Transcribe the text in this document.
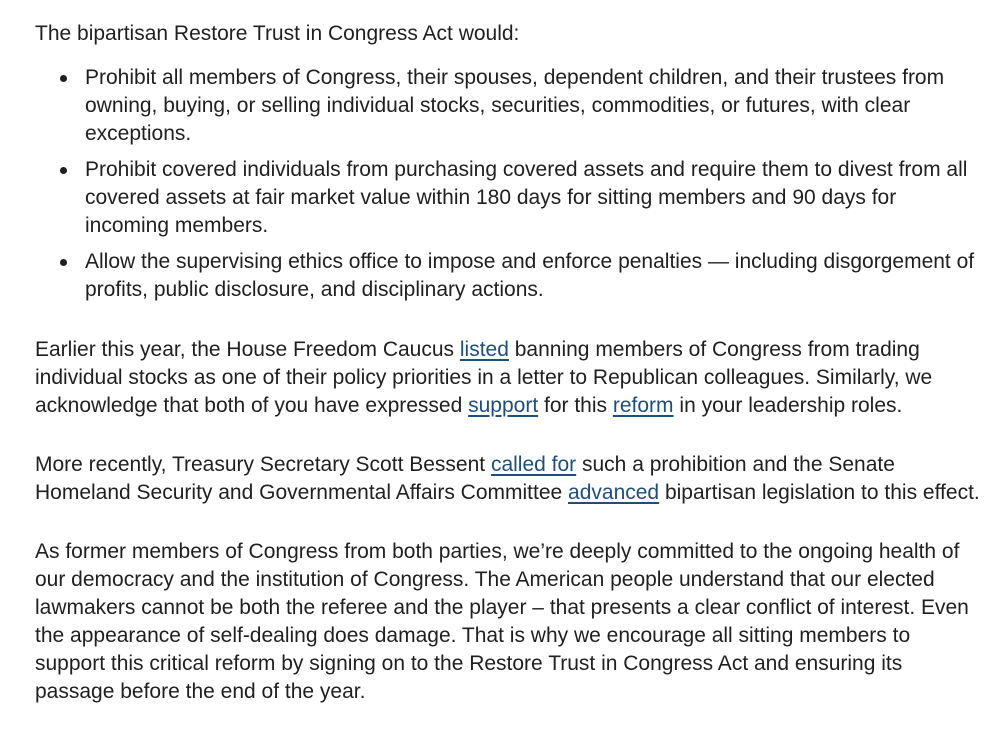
The bipartisan Restore Trust in Congress Act would:

Prohibit all members of Congress, their spouses, dependent children, and their trustees from owning, buying, or selling individual stocks, securities, commodities, or futures, with clear exceptions.
Prohibit covered individuals from purchasing covered assets and require them to divest from all covered assets at fair market value within 180 days for sitting members and 90 days for incoming members.
Allow the supervising ethics office to impose and enforce penalties — including disgorgement of profits, public disclosure, and disciplinary actions.

Earlier this year, the House Freedom Caucus listed banning members of Congress from trading individual stocks as one of their policy priorities in a letter to Republican colleagues. Similarly, we acknowledge that both of you have expressed support for this reform in your leadership roles.

More recently, Treasury Secretary Scott Bessent called for such a prohibition and the Senate Homeland Security and Governmental Affairs Committee advanced bipartisan legislation to this effect.

As former members of Congress from both parties, we’re deeply committed to the ongoing health of our democracy and the institution of Congress. The American people understand that our elected lawmakers cannot be both the referee and the player – that presents a clear conflict of interest. Even the appearance of self-dealing does damage. That is why we encourage all sitting members to support this critical reform by signing on to the Restore Trust in Congress Act and ensuring its passage before the end of the year.
